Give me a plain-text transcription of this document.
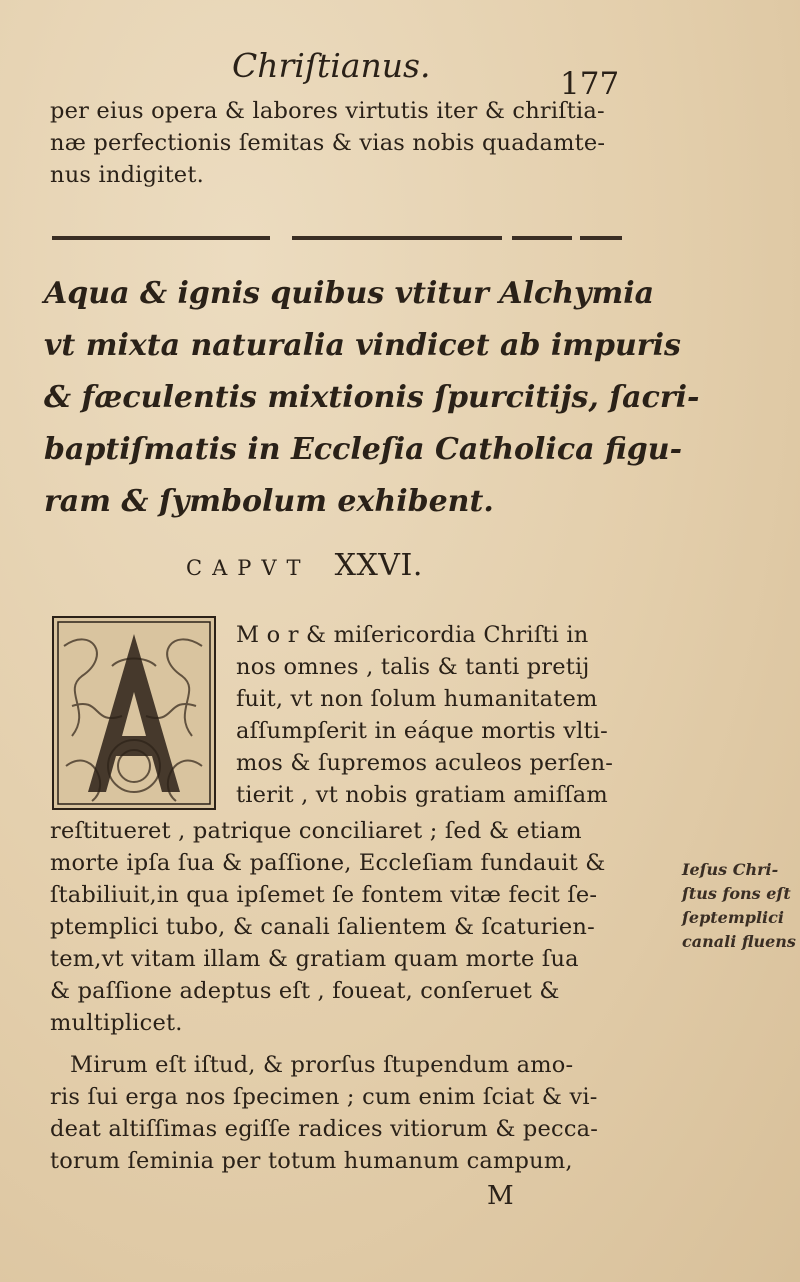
Chriſtianus.	177
per eius opera & labores virtutis iter & chriſtia-
næ perfectionis ſemitas & vias nobis quadamte-
nus indigitet.
Aqua & ignis quibus vtitur Alchymia
vt mixta naturalia vindicet ab impuris
& fæculentis mixtionis ſpurcitijs, ſacri-
baptiſmatis in Eccleſia Catholica figu-
ram & ſymbolum exhibent.
CAPVT XXVI.
M o r & miſericordia Chriſti in
nos omnes , talis & tanti pretij
fuit, vt non ſolum humanitatem
aſſumpſerit in eáque mortis vlti-
mos & ſupremos aculeos perſen-
tierit , vt nobis gratiam amiſſam
reſtitueret , patrique conciliaret ; ſed & etiam
morte ipſa ſua & paſſione, Eccleſiam fundauit &
ſtabiliuit,in qua ipſemet ſe fontem vitæ fecit ſe-
ptemplici tubo, & canali ſalientem & ſcaturien-
tem,vt vitam illam & gratiam quam morte ſua
& paſſione adeptus eſt , foueat, conſeruet &
multiplicet.
Mirum eſt iſtud, & prorſus ſtupendum amo-
ris ſui erga nos ſpecimen ; cum enim ſciat & vi-
deat altiſſimas egiſſe radices vitiorum & pecca-
torum ſeminia per totum humanum campum,
Ieſus Chri-
ſtus fons eſt
ſeptemplici
canali fluens
M
